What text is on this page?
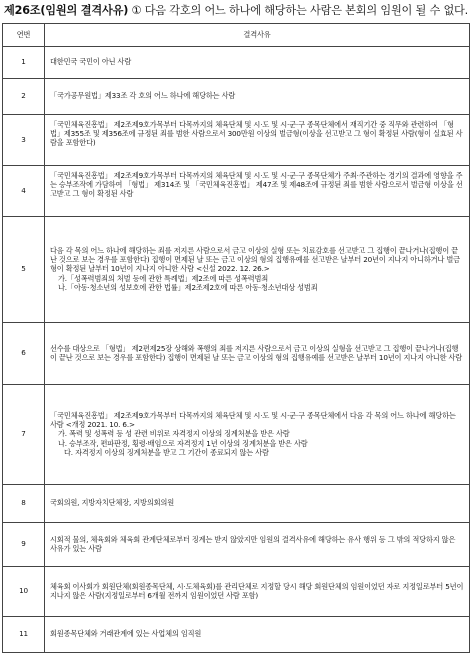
제26조(임원의 결격사유) ① 다음 각호의 어느 하나에 해당하는 사람은 본회의 임원이 될 수 없다.
연번	결격사유
1	대한민국 국민이 아닌 사람
2	「국가공무원법」제33조 각 호의 어느 하나에 해당하는 사람
3	「국민체육진흥법」 제2조제9호가목부터 다목까지의 체육단체 및 시·도 및 시·군·구 종목단체에서 재직기간 중 직무와 관련하여 「형법」제355조 및 제356조에 규정된 죄를 범한 사람으로서 300만원 이상의 벌금형(이상을 선고받고 그 형이 확정된 사람(형이 실효된 사람을 포함한다)
4	「국민체육진흥법」 제2조제9호가목부터 다목까지의 체육단체 및 시·도 및 시·군·구 종목단체가 주최·주관하는 경기의 결과에 영향을 주는 승부조작에 가담하여 「형법」 제314조 및 「국민체육진흥법」 제47조 및 제48조에 규정된 죄를 범한 사람으로서 벌금형 이상을 선고받고 그 형이 확정된 사람
5	다음 각 목의 어느 하나에 해당하는 죄를 저지른 사람으로서 금고 이상의 실형 또는 치료감호를 선고받고 그 집행이 끝나거나(집행이 끝난 것으로 보는 경우를 포함한다) 집행이 면제된 날 또는 금고 이상의 형의 집행유예를 선고받은 날부터 20년이 지나지 아니하거나 벌금형이 확정된 날부터 10년이 지나지 아니한 사람 <신설 2022. 12. 26.>
가.「성폭력범죄의 처벌 등에 관한 특례법」제2조에 따른 성폭력범죄
나.「아동·청소년의 성보호에 관한 법률」제2조제2호에 따른 아동·청소년대상 성범죄

6	선수를 대상으로 「형법」 제2편제25장 상해와 폭행의 죄를 저지른 사람으로서 금고 이상의 실형을 선고받고 그 집행이 끝나거나(집행이 끝난 것으로 보는 경우를 포함한다) 집행이 면제된 날 또는 금고 이상의 형의 집행유예를 선고받은 날부터 10년이 지나지 아니한 사람
7	「국민체육진흥법」 제2조제9호가목부터 다목까지의 체육단체 및 시·도 및 시·군·구 종목단체에서 다음 각 목의 어느 하나에 해당하는 사람 <개정 2021. 10. 6.>
가. 폭력 및 성폭력 등 성 관련 비위로 자격정지 이상의 징계처분을 받은 사람
나. 승부조작, 편파판정, 횡령·배임으로 자격정지 1년 이상의 징계처분을 받은 사람
다. 자격정지 이상의 징계처분을 받고 그 기간이 종료되지 않는 사람

8	국회의원, 지방자치단체장, 지방의회의원
9	시회적 물의, 체육회와 체육회 관계단체로부터 징계는 받지 않았지만 임원의 결격사유에 해당하는 유사 행위 등 그 밖의 적당하지 않은 사유가 있는 사람
10	체육회 이사회가 회원단체(회원종목단체, 시·도체육회)를 관리단체로 지정할 당시 해당 회원단체의 임원이었던 자로 지정일로부터 5년이 지나지 않은 사람(지정일로부터 6개월 전까지 임원이었던 사람 포함)
11	회원종목단체와 거래관계에 있는 사업체의 임직원
